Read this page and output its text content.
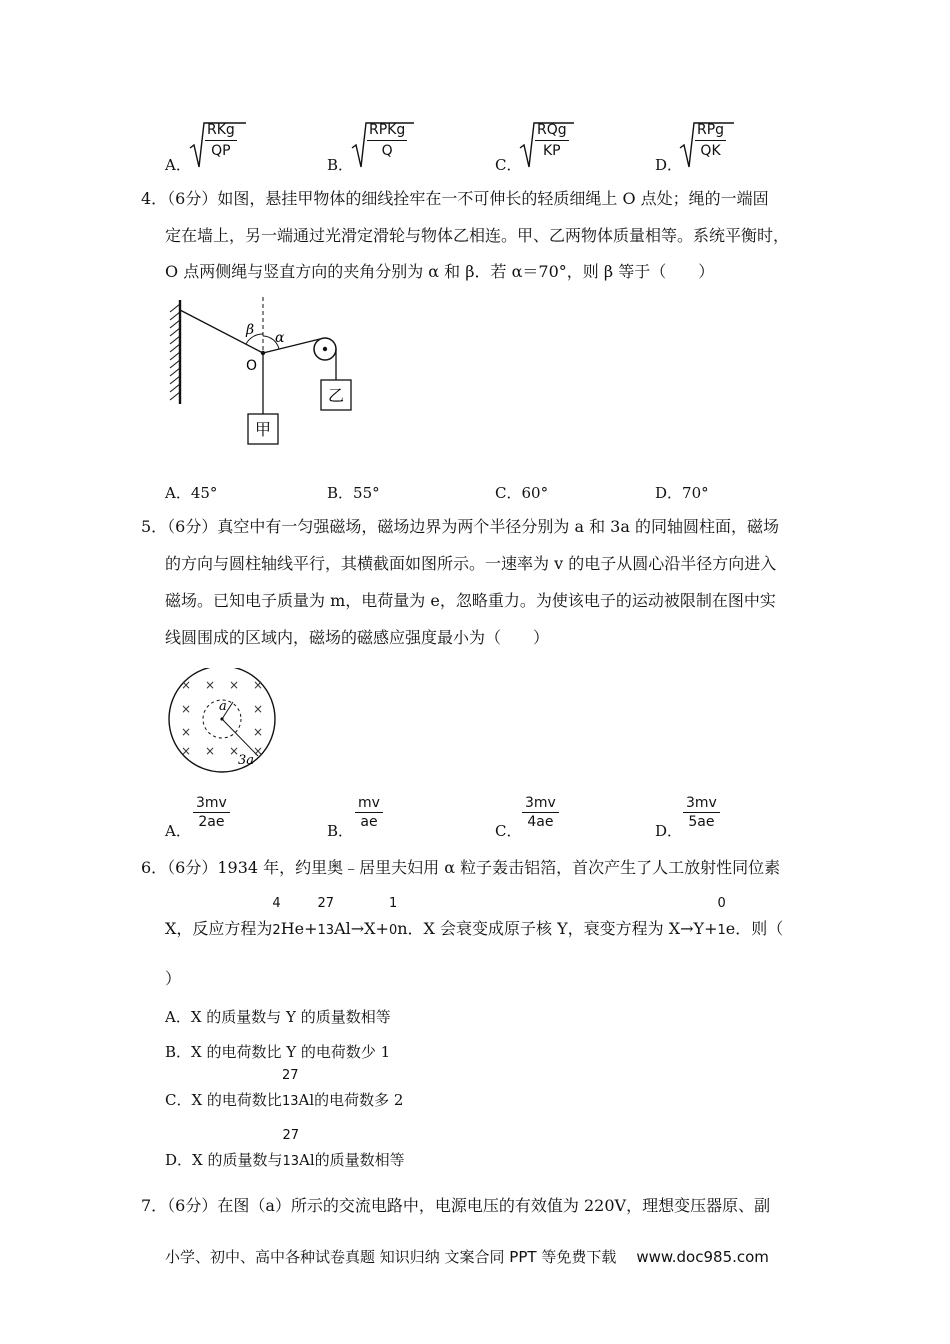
A．
RKg
QP
B．
RPKg
Q
C．
RQg
KP
D．
RPg
QK
4．（6分）如图，悬挂甲物体的细线拴牢在一不可伸长的轻质细绳上 O 点处；绳的一端固
定在墙上，另一端通过光滑定滑轮与物体乙相连。甲、乙两物体质量相等。系统平衡时，
O 点两侧绳与竖直方向的夹角分别为 α 和 β．若 α＝70°，则 β 等于（　　）
β α
O
甲
乙
A．45°	B．55°	C．60°	D．70°
5．（6分）真空中有一匀强磁场，磁场边界为两个半径分别为 a 和 3a 的同轴圆柱面，磁场
的方向与圆柱轴线平行，其横截面如图所示。一速率为 v 的电子从圆心沿半径方向进入
磁场。已知电子质量为 m，电荷量为 e，忽略重力。为使该电子的运动被限制在图中实
线圆围成的区域内，磁场的磁感应强度最小为（　　）
× × × ×
×	×
×	×
× × × ×
a
3a
A．
$\frac{3mv}{2ae}$
B．
$\frac{mv}{ae}$
C．
$\frac{3mv}{4ae}$
D．
$\frac{3mv}{5ae}$
6．（6分）1934 年，约里奥﹣居里夫妇用 α 粒子轰击铝箔，首次产生了人工放射性同位素
X，反应方程为
4
2He+
27
13Al→X+
1
0n．X 会衰变成原子核 Y，衰变方程为 X→Y+
0
1e．则（
）
A．X 的质量数与 Y 的质量数相等
B．X 的电荷数比 Y 的电荷数少 1
C．X 的电荷数比
27
13Al的电荷数多 2
D．X 的质量数与
27
13Al的质量数相等
7．（6分）在图（a）所示的交流电路中，电源电压的有效值为 220V，理想变压器原、副
小学、初中、高中各种试卷真题 知识归纳 文案合同 PPT 等免费下载 www.doc985.com
